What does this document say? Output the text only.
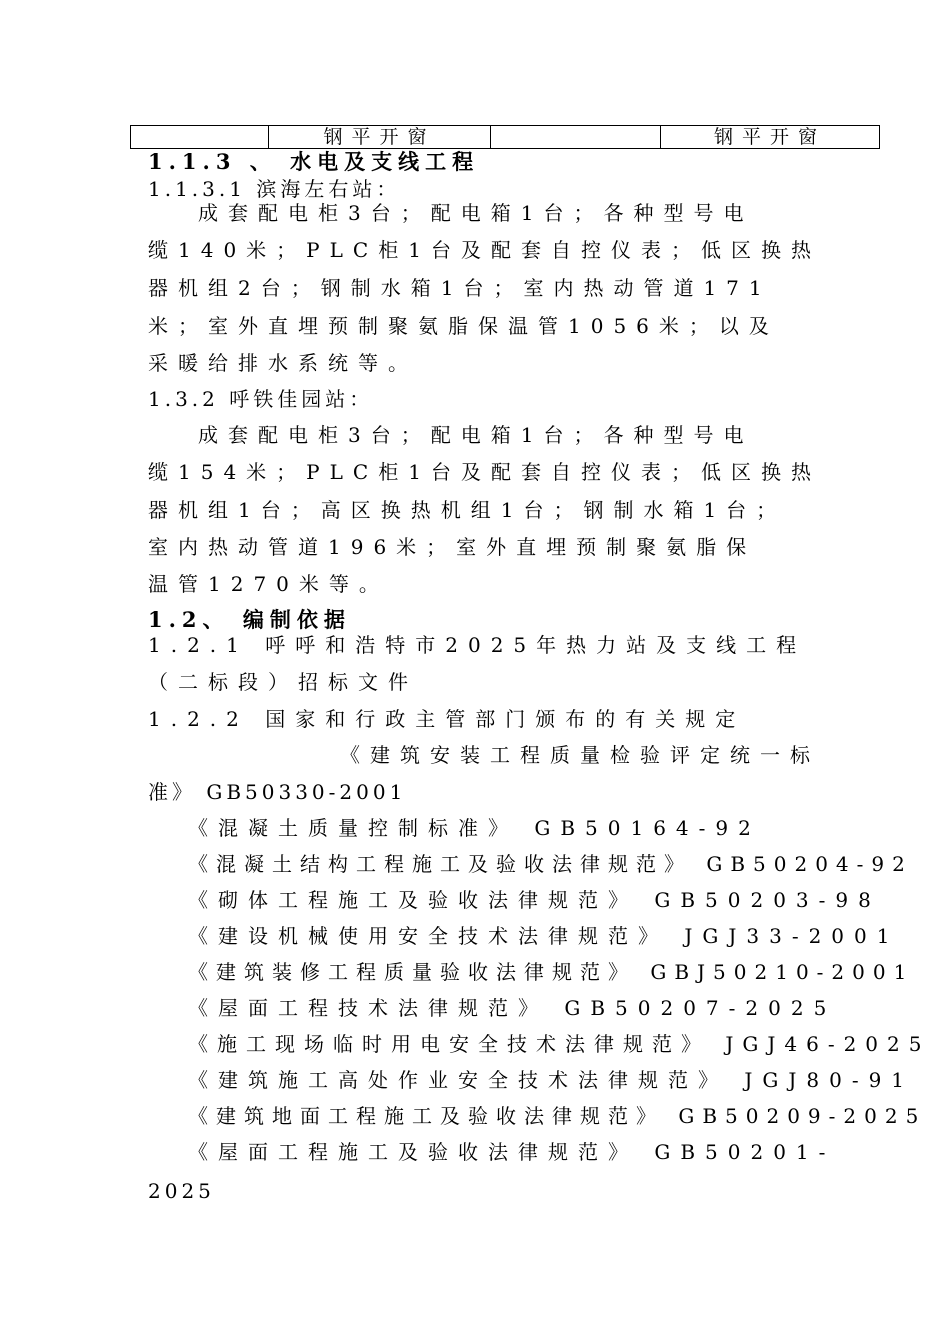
钢平开窗	钢平开窗
1.1.3 、 水电及支线工程
1.1.3.1 滨海左右站：
成套配电柜3台；配电箱1台；各种型号电
缆140米；PLC柜1台及配套自控仪表；低区换热
器机组2台；钢制水箱1台；室内热动管道171
米；室外直埋预制聚氨脂保温管1056米；以及
采暖给排水系统等。
1.3.2 呼铁佳园站：
成套配电柜3台；配电箱1台；各种型号电
缆154米；PLC柜1台及配套自控仪表；低区换热
器机组1台；高区换热机组1台；钢制水箱1台；
室内热动管道196米；室外直埋预制聚氨脂保
温管1270米等。
1.2、 编制依据
1.2.1 呼呼和浩特市2025年热力站及支线工程
（二标段）招标文件
1.2.2 国家和行政主管部门颁布的有关规定
《建筑安装工程质量检验评定统一标
准》 GB50330-2001
《混凝土质量控制标准》 GB50164-92
《混凝土结构工程施工及验收法律规范》 GB50204-92
《砌体工程施工及验收法律规范》 GB50203-98
《建设机械使用安全技术法律规范》 JGJ33-2001
《建筑装修工程质量验收法律规范》 GBJ50210-2001
《屋面工程技术法律规范》 GB50207-2025
《施工现场临时用电安全技术法律规范》 JGJ46-2025
《建筑施工高处作业安全技术法律规范》 JGJ80-91
《建筑地面工程施工及验收法律规范》 GB50209-2025
《屋面工程施工及验收法律规范》 GB50201-
2025
